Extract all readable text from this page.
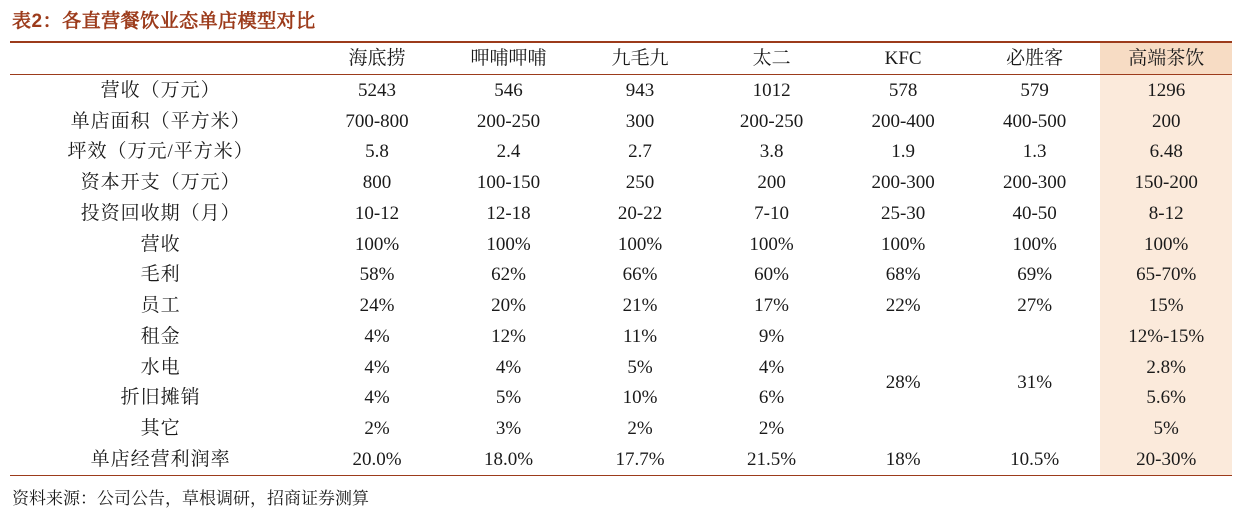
表2：各直营餐饮业态单店模型对比
	海底捞	呷哺呷哺	九毛九	太二	KFC	必胜客	高端茶饮
营收（万元）	5243	546	943	1012	578	579	1296
单店面积（平方米）	700-800	200-250	300	200-250	200-400	400-500	200
坪效（万元/平方米）	5.8	2.4	2.7	3.8	1.9	1.3	6.48
资本开支（万元）	800	100-150	250	200	200-300	200-300	150-200
投资回收期（月）	10-12	12-18	20-22	7-10	25-30	40-50	8-12
营收	100%	100%	100%	100%	100%	100%	100%
毛利	58%	62%	66%	60%	68%	69%	65-70%
员工	24%	20%	21%	17%	22%	27%	15%
租金	4%	12%	11%	9%	28%	31%	12%-15%
水电	4%	4%	5%	4%			2.8%
折旧摊销	4%	5%	10%	6%			5.6%
其它	2%	3%	2%	2%			5%
单店经营利润率	20.0%	18.0%	17.7%	21.5%	18%	10.5%	20-30%
资料来源：公司公告，草根调研，招商证券测算
